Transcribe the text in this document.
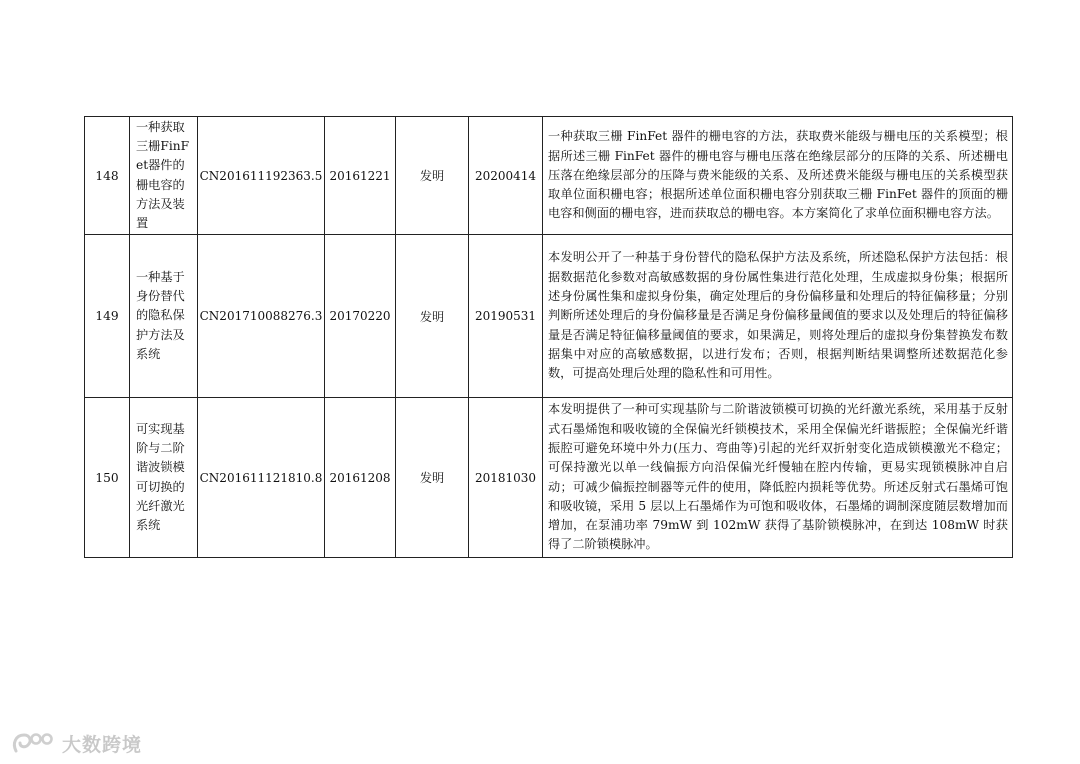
148	一种获取三栅FinFet器件的栅电容的方法及装置	CN201611192363.5	20161221	发明	20200414	一种获取三栅 FinFet 器件的栅电容的方法，获取费米能级与栅电压的关系模型；根据所述三栅 FinFet 器件的栅电容与栅电压落在绝缘层部分的压降的关系、所述栅电压落在绝缘层部分的压降与费米能级的关系、及所述费米能级与栅电压的关系模型获取单位面积栅电容；根据所述单位面积栅电容分别获取三栅 FinFet 器件的顶面的栅电容和侧面的栅电容，进而获取总的栅电容。本方案简化了求单位面积栅电容方法。
149	一种基于身份替代的隐私保护方法及系统	CN201710088276.3	20170220	发明	20190531	本发明公开了一种基于身份替代的隐私保护方法及系统，所述隐私保护方法包括：根据数据范化参数对高敏感数据的身份属性集进行范化处理，生成虚拟身份集；根据所述身份属性集和虚拟身份集，确定处理后的身份偏移量和处理后的特征偏移量；分别判断所述处理后的身份偏移量是否满足身份偏移量阈值的要求以及处理后的特征偏移量是否满足特征偏移量阈值的要求，如果满足，则将处理后的虚拟身份集替换发布数据集中对应的高敏感数据，以进行发布；否则，根据判断结果调整所述数据范化参数，可提高处理后处理的隐私性和可用性。
150	可实现基阶与二阶谐波锁模可切换的光纤激光系统	CN201611121810.8	20161208	发明	20181030	本发明提供了一种可实现基阶与二阶谐波锁模可切换的光纤激光系统，采用基于反射式石墨烯饱和吸收镜的全保偏光纤锁模技术，采用全保偏光纤谐振腔；全保偏光纤谐振腔可避免环境中外力(压力、弯曲等)引起的光纤双折射变化造成锁模激光不稳定；可保持激光以单一线偏振方向沿保偏光纤慢轴在腔内传输，更易实现锁模脉冲自启动；可减少偏振控制器等元件的使用，降低腔内损耗等优势。所述反射式石墨烯可饱和吸收镜，采用 5 层以上石墨烯作为可饱和吸收体，石墨烯的调制深度随层数增加而增加，在泵浦功率 79mW 到 102mW 获得了基阶锁模脉冲，在到达 108mW 时获得了二阶锁模脉冲。
大数跨境
